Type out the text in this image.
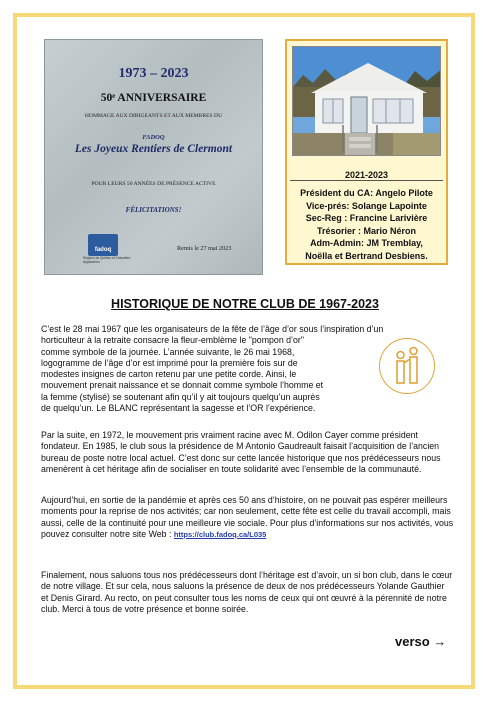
1973 – 2023
50ᵉ ANNIVERSAIRE
HOMMAGE AUX DIRIGEANTS ET AUX MEMBRES DU
FADOQ
Les Joyeux Rentiers de Clermont
POUR LEURS 50 ANNÉES DE PRÉSENCE ACTIVE
FÉLICITATIONS!
fadoq
Régions de Québec et Chaudière-Appalaches
Remis le 27 mai 2023
2021-2023
Président du CA: Angelo Pilote
Vice-prés: Solange Lapointe
Sec-Reg : Francine Larivière
Trésorier : Mario Néron
Adm-Admin: JM Tremblay,
Noëlla et Bertrand Desbiens.
HISTORIQUE DE NOTRE CLUB DE 1967-2023
C’est le 28 mai 1967 que les organisateurs de la fête de l’âge d’or sous l’inspiration d’un
horticulteur à la retraite consacre la fleur-emblème le "pompon d’or"
comme symbole de la journée. L’année suivante, le 26 mai 1968,
logogramme de l’âge d’or est imprimé pour la première fois sur de
modestes insignes de carton retenu par une petite corde. Ainsi, le
mouvement prenait naissance et se donnait comme symbole l’homme et
la femme (stylisé) se soutenant afin qu’il y ait toujours quelqu’un auprès
de quelqu’un. Le BLANC représentant la sagesse et l’OR l’expérience.
Par la suite, en 1972, le mouvement pris vraiment racine avec M. Odilon Cayer comme président fondateur. En 1985, le club sous la présidence de M Antonio Gaudreault faisait l’acquisition de l’ancien bureau de poste notre local actuel. C’est donc sur cette lancée historique que nos prédécesseurs nous amenèrent à cet héritage afin de socialiser en toute solidarité avec l’ensemble de la communauté.
Aujourd’hui, en sortie de la pandémie et après ces 50 ans d’histoire, on ne pouvait pas espérer meilleurs moments pour la reprise de nos activités; car non seulement, cette fête est celle du travail accompli, mais aussi, celle de la continuité pour une meilleure vie sociale. Pour plus d’informations sur nos activités, vous pouvez consulter notre site Web : https://club.fadoq.ca/L035
Finalement, nous saluons tous nos prédécesseurs dont l’héritage est d’avoir, un si bon club, dans le cœur de notre village. Et sur cela, nous saluons la présence de deux de nos prédécesseurs Yolande Gauthier et Denis Girard. Au recto, on peut consulter tous les noms de ceux qui ont œuvré à la pérennité de notre club. Merci à tous de votre présence et bonne soirée.
verso →
